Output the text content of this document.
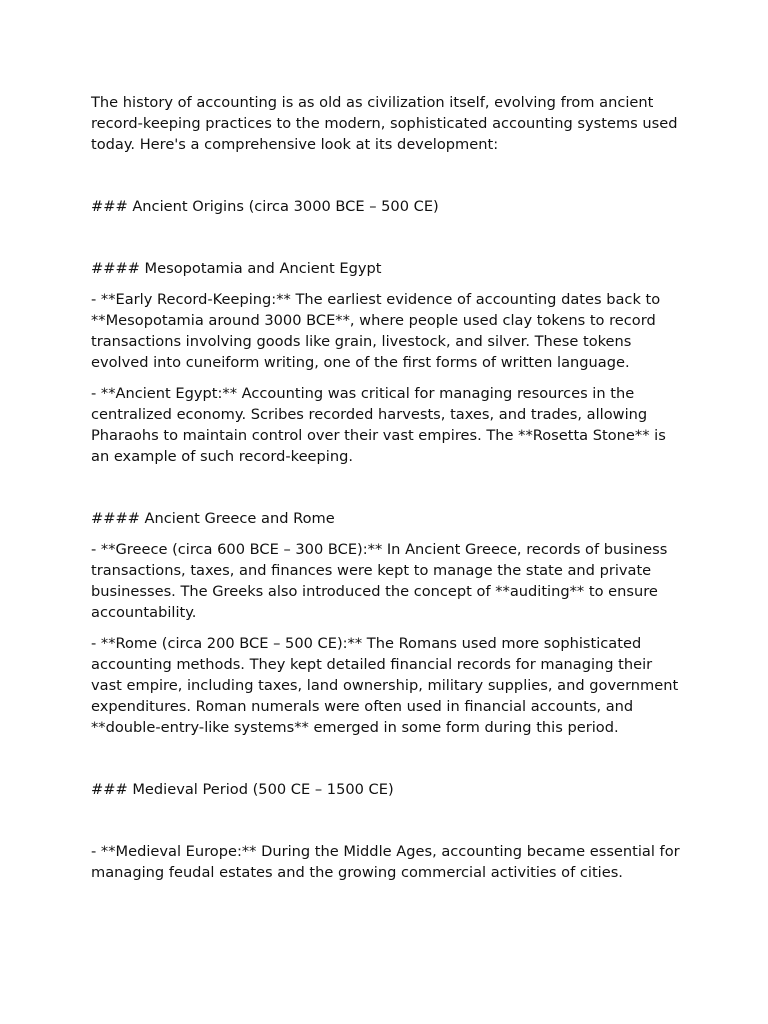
The history of accounting is as old as civilization itself, evolving from ancient record-keeping practices to the modern, sophisticated accounting systems used today. Here's a comprehensive look at its development:

### Ancient Origins (circa 3000 BCE – 500 CE)

#### Mesopotamia and Ancient Egypt

- **Early Record-Keeping:** The earliest evidence of accounting dates back to **Mesopotamia around 3000 BCE**, where people used clay tokens to record transactions involving goods like grain, livestock, and silver. These tokens evolved into cuneiform writing, one of the first forms of written language.

- **Ancient Egypt:** Accounting was critical for managing resources in the centralized economy. Scribes recorded harvests, taxes, and trades, allowing Pharaohs to maintain control over their vast empires. The **Rosetta Stone** is an example of such record-keeping.

#### Ancient Greece and Rome

- **Greece (circa 600 BCE – 300 BCE):** In Ancient Greece, records of business transactions, taxes, and finances were kept to manage the state and private businesses. The Greeks also introduced the concept of **auditing** to ensure accountability.

- **Rome (circa 200 BCE – 500 CE):** The Romans used more sophisticated accounting methods. They kept detailed financial records for managing their vast empire, including taxes, land ownership, military supplies, and government expenditures. Roman numerals were often used in financial accounts, and **double-entry-like systems** emerged in some form during this period.

### Medieval Period (500 CE – 1500 CE)

- **Medieval Europe:** During the Middle Ages, accounting became essential for managing feudal estates and the growing commercial activities of cities.
